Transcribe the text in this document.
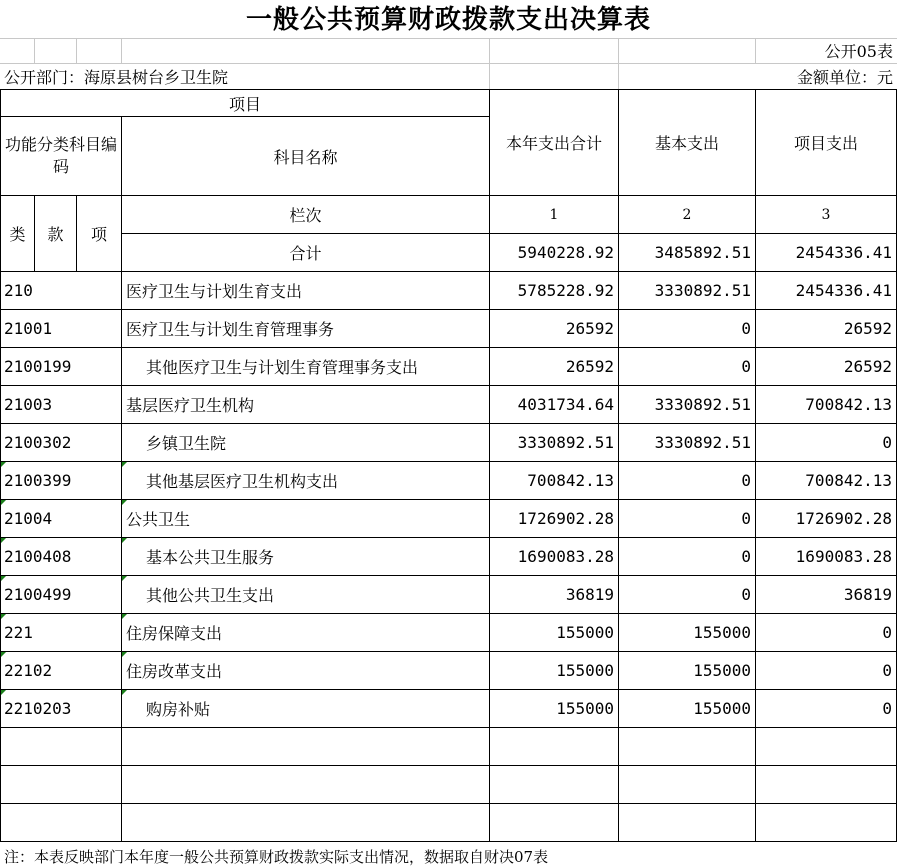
一般公共预算财政拨款支出决算表
公开05表
公开部门：海原县树台乡卫生院	金额单位：元
项目				本年支出合计	基本支出	项目支出
功能分类科目编码			科目名称			
类	款	项	栏次	1	2	3
			合计	5940228.92	3485892.51	2454336.41
210			医疗卫生与计划生育支出	5785228.92	3330892.51	2454336.41
21001			医疗卫生与计划生育管理事务	26592	0	26592
2100199			其他医疗卫生与计划生育管理事务支出	26592	0	26592
21003			基层医疗卫生机构	4031734.64	3330892.51	700842.13
2100302			乡镇卫生院	3330892.51	3330892.51	0

2100399			其他基层医疗卫生机构支出	700842.13	0	700842.13

21004			公共卫生	1726902.28	0	1726902.28

2100408			基本公共卫生服务	1690083.28	0	1690083.28

2100499			其他公共卫生支出	36819	0	36819

221			住房保障支出	155000	155000	0

22102			住房改革支出	155000	155000	0

2210203			购房补贴	155000	155000	0

注：本表反映部门本年度一般公共预算财政拨款实际支出情况，数据取自财决07表
